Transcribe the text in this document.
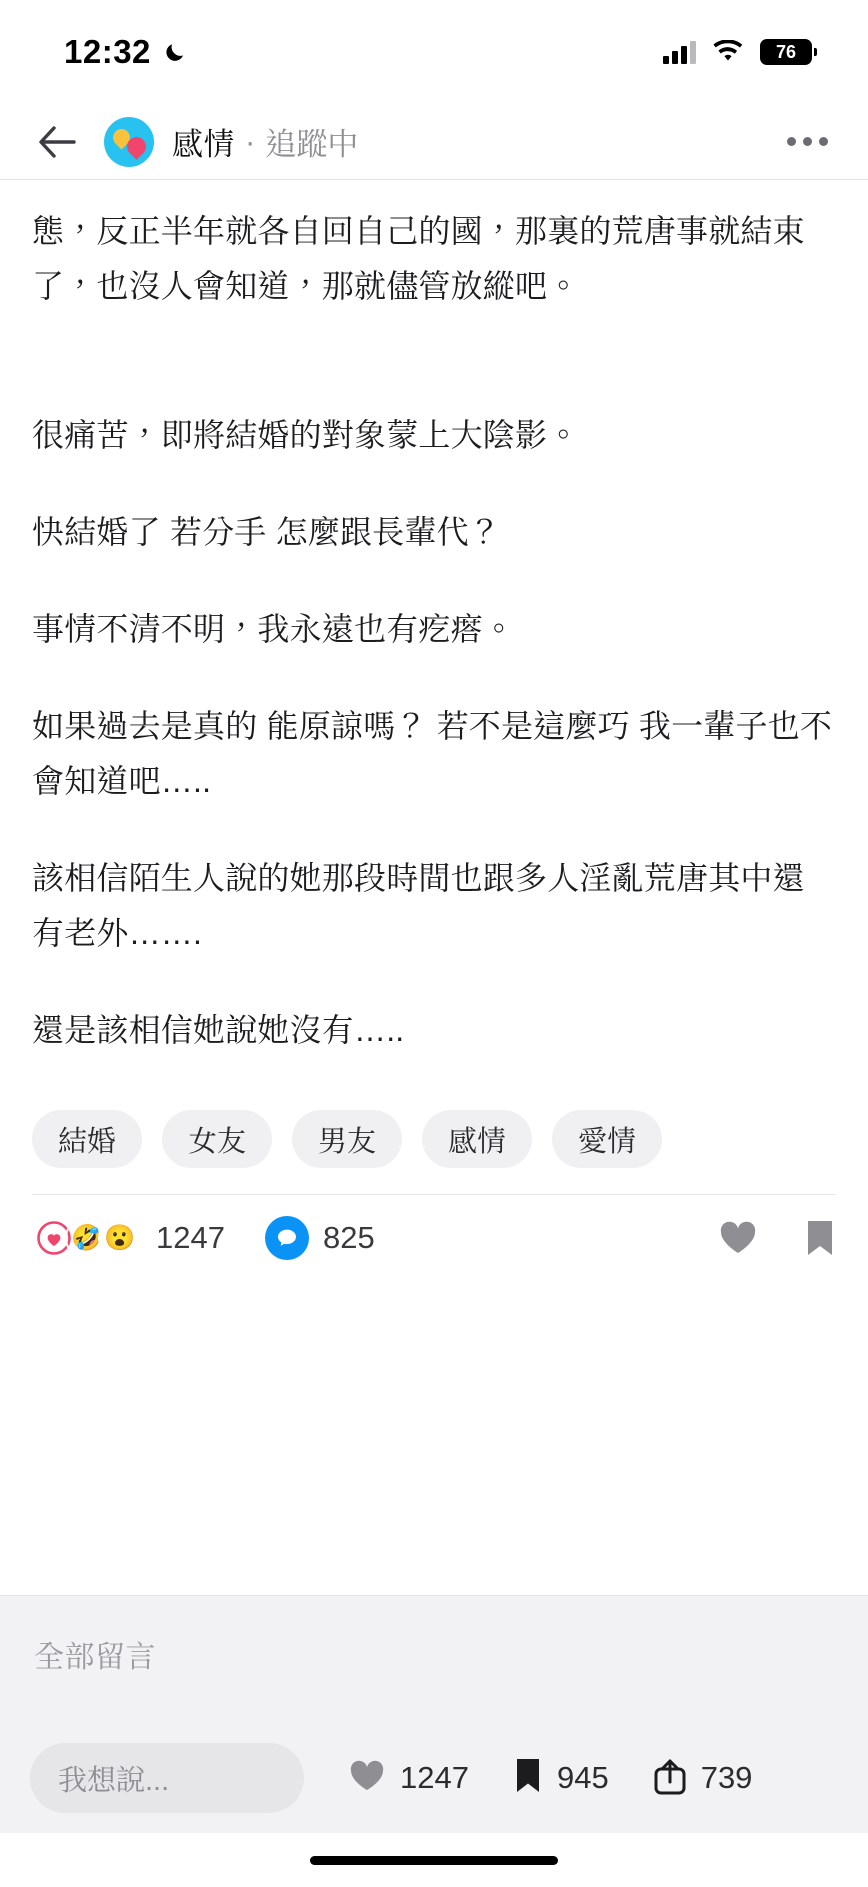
12:32	76
感情 · 追蹤中

態，反正半年就各自回自己的國，那裏的荒唐事就結束了，也沒人會知道，那就儘管放縱吧。

很痛苦，即將結婚的對象蒙上大陰影。

快結婚了 若分手 怎麼跟長輩代？

事情不清不明，我永遠也有疙瘩。

如果過去是真的 能原諒嗎？ 若不是這麼巧 我一輩子也不會知道吧…..

該相信陌生人說的她那段時間也跟多人淫亂荒唐其中還有老外…….

還是該相信她說她沒有…..

結婚	女友	男友	感情	愛情
🤣 😮 1247	825
全部留言
我想說...	1247	945	739
